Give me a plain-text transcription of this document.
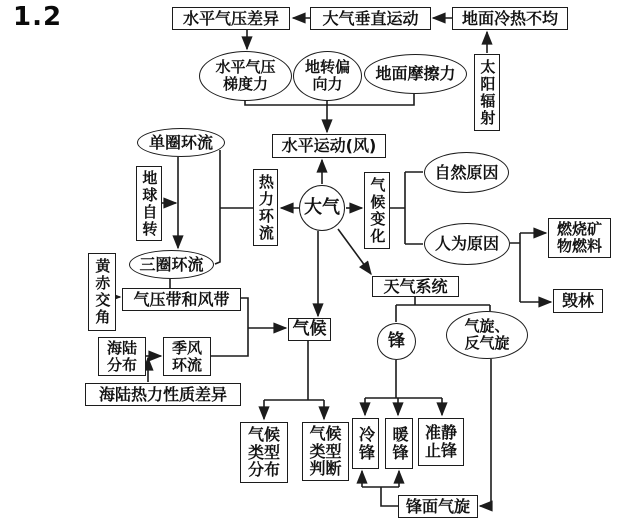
1.2	水平气压差异	大气垂直运动	地面冷热不均
水平气压
梯度力
地转偏
向力
地面摩擦力	太阳辐射
水平运动(风)
单圈环流
地球自转	热力环流 大气	气候变化
自然原因
人为原因
燃烧矿
物燃料
毁林
三圈环流
黄赤交角	气压带和风带
海陆
分布
季风
环流
海陆热力性质差异
气候
天气系统
锋
气旋、
反气旋
气候
类型
分布
气候
类型
判断
冷锋 暖锋 准静
止锋
锋面气旋
